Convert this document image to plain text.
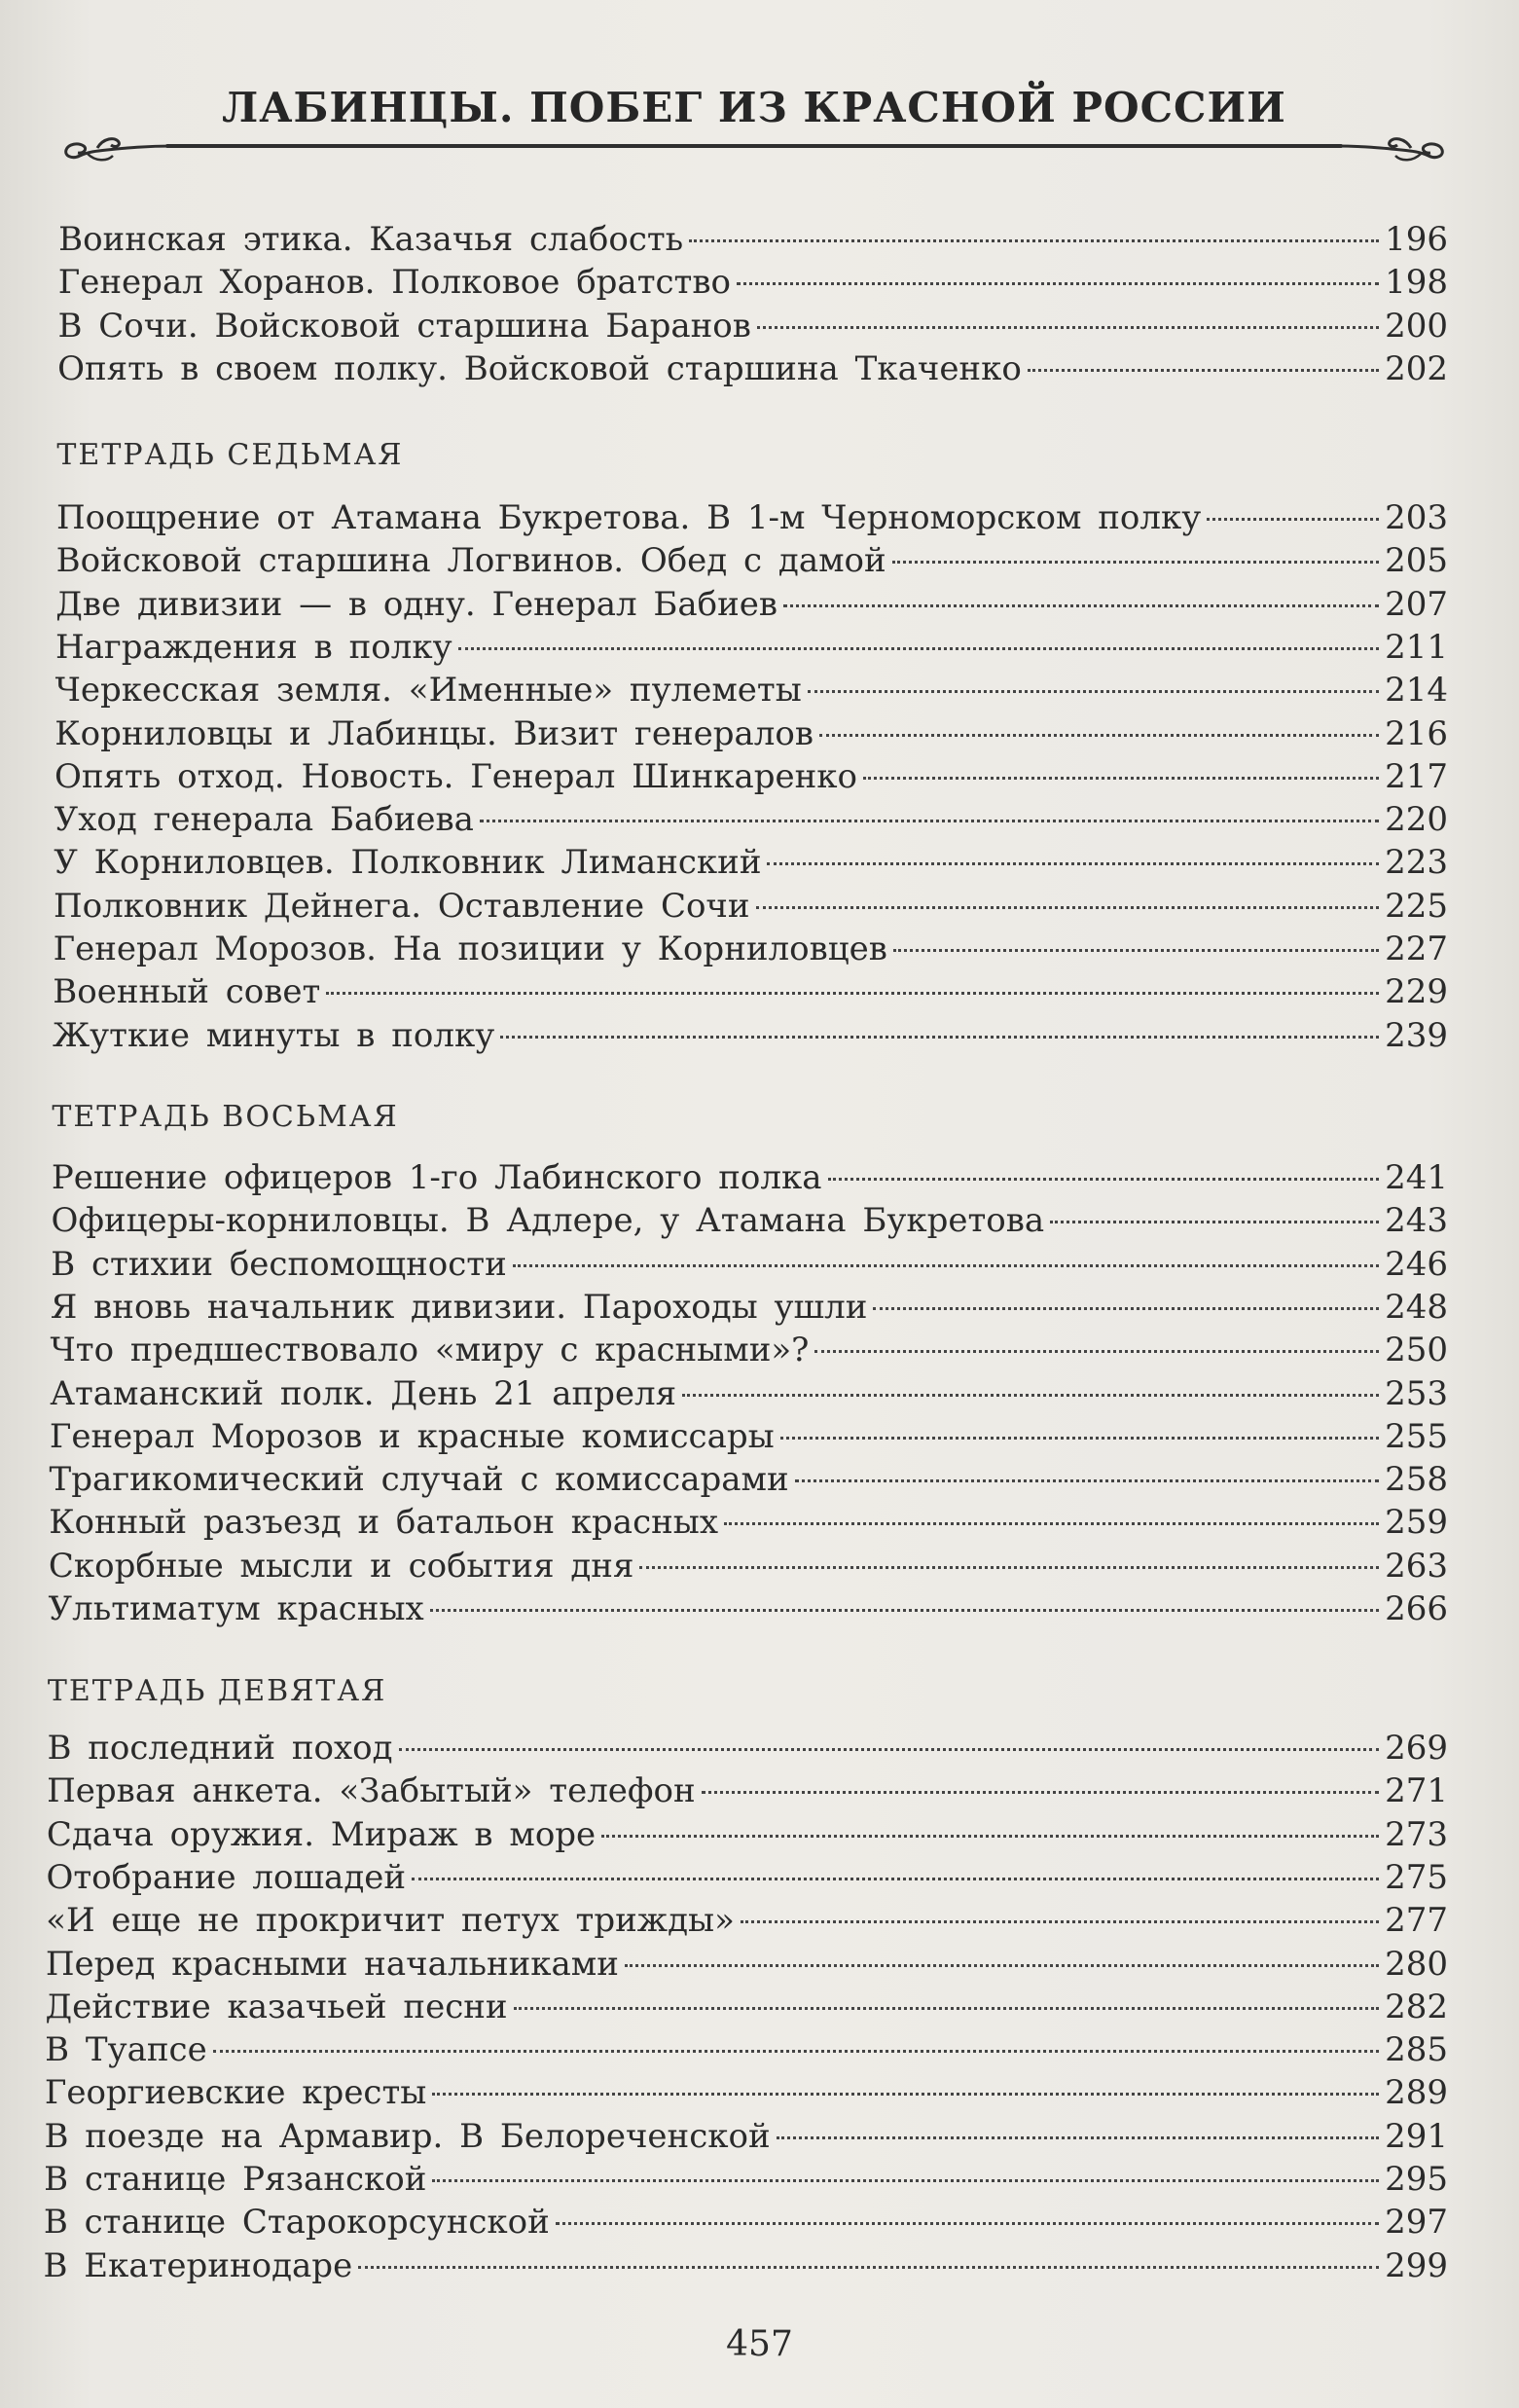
ЛАБИНЦЫ. ПОБЕГ ИЗ КРАСНОЙ РОССИИ
Воинская этика. Казачья слабость	196
Генерал Хоранов. Полковое братство	198
В Сочи. Войсковой старшина Баранов	200
Опять в своем полку. Войсковой старшина Ткаченко	202
ТЕТРАДЬ СЕДЬМАЯ
Поощрение от Атамана Букретова. В 1-м Черноморском полку	203
Войсковой старшина Логвинов. Обед с дамой	205
Две дивизии — в одну. Генерал Бабиев	207
Награждения в полку	211
Черкесская земля. «Именные» пулеметы	214
Корниловцы и Лабинцы. Визит генералов	216
Опять отход. Новость. Генерал Шинкаренко	217
Уход генерала Бабиева	220
У Корниловцев. Полковник Лиманский	223
Полковник Дейнега. Оставление Сочи	225
Генерал Морозов. На позиции у Корниловцев	227
Военный совет	229
Жуткие минуты в полку	239
ТЕТРАДЬ ВОСЬМАЯ
Решение офицеров 1-го Лабинского полка	241
Офицеры-корниловцы. В Адлере, у Атамана Букретова	243
В стихии беспомощности	246
Я вновь начальник дивизии. Пароходы ушли	248
Что предшествовало «миру с красными»?	250
Атаманский полк. День 21 апреля	253
Генерал Морозов и красные комиссары	255
Трагикомический случай с комиссарами	258
Конный разъезд и батальон красных	259
Скорбные мысли и события дня	263
Ультиматум красных	266
ТЕТРАДЬ ДЕВЯТАЯ
В последний поход	269
Первая анкета. «Забытый» телефон	271
Сдача оружия. Мираж в море	273
Отобрание лошадей	275
«И еще не прокричит петух трижды»	277
Перед красными начальниками	280
Действие казачьей песни	282
В Туапсе	285
Георгиевские кресты	289
В поезде на Армавир. В Белореченской	291
В станице Рязанской	295
В станице Старокорсунской	297
В Екатеринодаре	299
457
